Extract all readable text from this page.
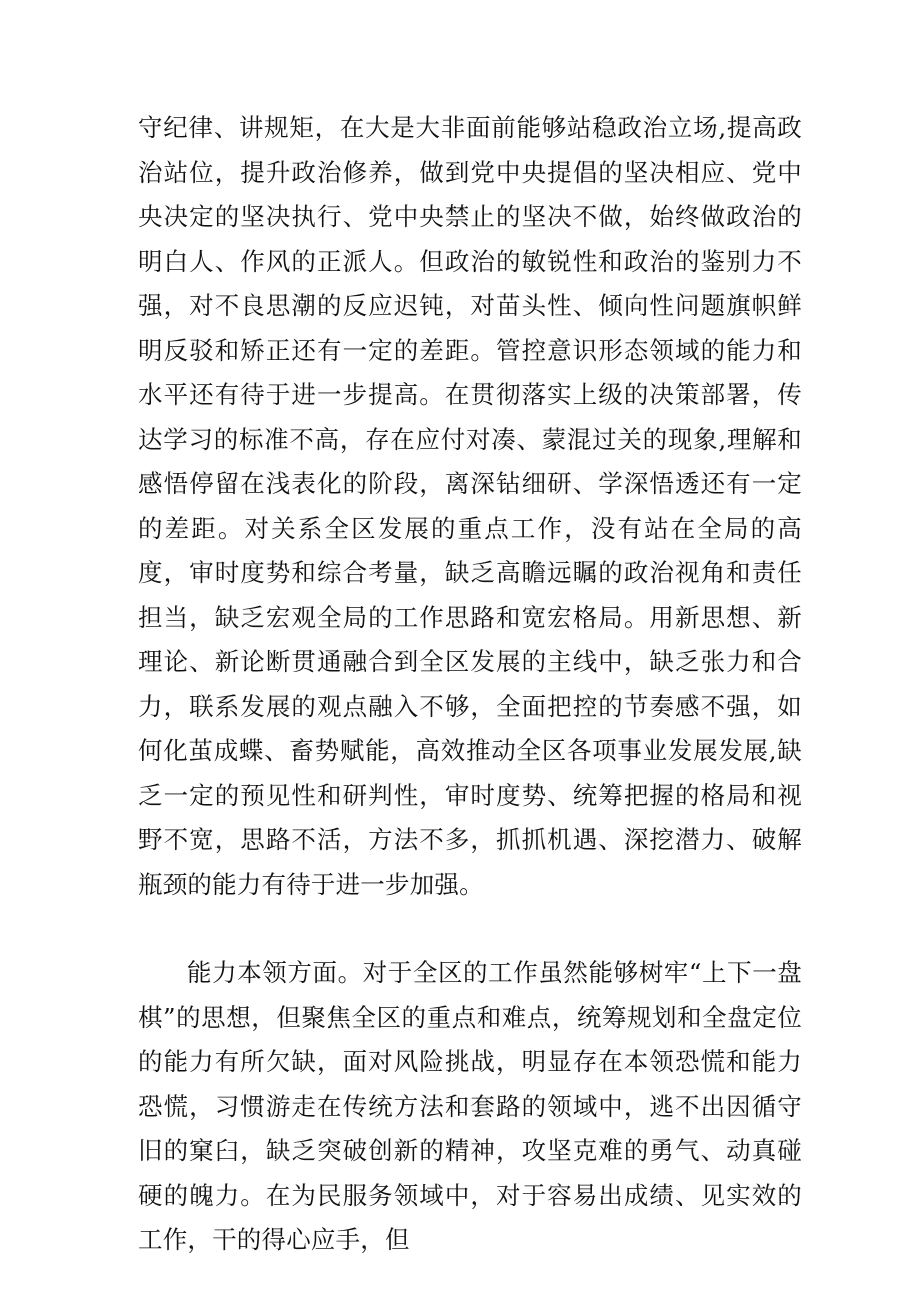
守纪律、讲规矩，在大是大非面前能够站稳政治立场,提高政治站位，提升政治修养，做到党中央提倡的坚决相应、党中央决定的坚决执行、党中央禁止的坚决不做，始终做政治的明白人、作风的正派人。但政治的敏锐性和政治的鉴别力不强，对不良思潮的反应迟钝，对苗头性、倾向性问题旗帜鲜明反驳和矫正还有一定的差距。管控意识形态领域的能力和水平还有待于进一步提高。在贯彻落实上级的决策部署，传达学习的标准不高，存在应付对凑、蒙混过关的现象,理解和感悟停留在浅表化的阶段，离深钻细研、学深悟透还有一定的差距。对关系全区发展的重点工作，没有站在全局的高度，审时度势和综合考量，缺乏高瞻远瞩的政治视角和责任担当，缺乏宏观全局的工作思路和宽宏格局。用新思想、新理论、新论断贯通融合到全区发展的主线中，缺乏张力和合力，联系发展的观点融入不够，全面把控的节奏感不强，如何化茧成蝶、畜势赋能，高效推动全区各项事业发展发展,缺乏一定的预见性和研判性，审时度势、统筹把握的格局和视野不宽，思路不活，方法不多，抓抓机遇、深挖潜力、破解瓶颈的能力有待于进一步加强。

能力本领方面。对于全区的工作虽然能够树牢“上下一盘棋”的思想，但聚焦全区的重点和难点，统筹规划和全盘定位的能力有所欠缺，面对风险挑战，明显存在本领恐慌和能力恐慌，习惯游走在传统方法和套路的领域中，逃不出因循守旧的窠臼，缺乏突破创新的精神，攻坚克难的勇气、动真碰硬的魄力。在为民服务领域中，对于容易出成绩、见实效的工作，干的得心应手，但
